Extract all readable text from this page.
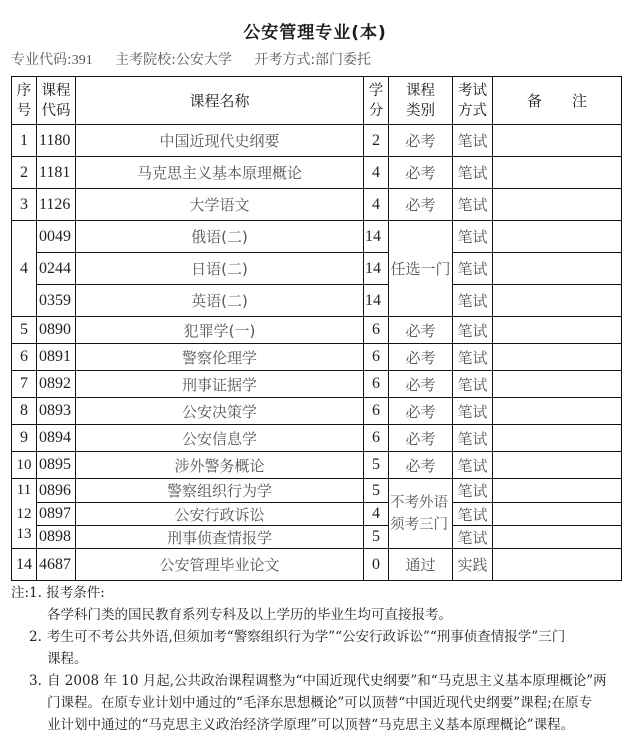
公安管理专业(本)
专业代码:391 主考院校:公安大学 开考方式:部门委托
序号	课程代码	课程名称	学分	课程类别	考试方式	备　　注
1	1180	中国近现代史纲要	2	必考	笔试	
2	1181	马克思主义基本原理概论	4	必考	笔试	
3	1126	大学语文	4	必考	笔试	
4	0049	俄语(二)	14	任选一门	笔试	
	0244	日语(二)	14		笔试	
	0359	英语(二)	14		笔试	
5	0890	犯罪学(一)	6	必考	笔试	
6	0891	警察伦理学	6	必考	笔试	
7	0892	刑事证据学	6	必考	笔试	
8	0893	公安决策学	6	必考	笔试	
9	0894	公安信息学	6	必考	笔试	
10	0895	涉外警务概论	5	必考	笔试	
11	0896	警察组织行为学	5	不考外语须考三门	笔试	
12	0897	公安行政诉讼	4		笔试	
13	0898	刑事侦查情报学	5		笔试	
14	4687	公安管理毕业论文	0	通过	实践	
注:1. 报考条件:
各学科门类的国民教育系列专科及以上学历的毕业生均可直接报考。
2. 考生可不考公共外语,但须加考“警察组织行为学”“公安行政诉讼”“刑事侦查情报学”三门
课程。
3. 自 2008 年 10 月起,公共政治课程调整为“中国近现代史纲要”和“马克思主义基本原理概论”两
门课程。在原专业计划中通过的“毛泽东思想概论”可以顶替“中国近现代史纲要”课程;在原专
业计划中通过的“马克思主义政治经济学原理”可以顶替“马克思主义基本原理概论”课程。
